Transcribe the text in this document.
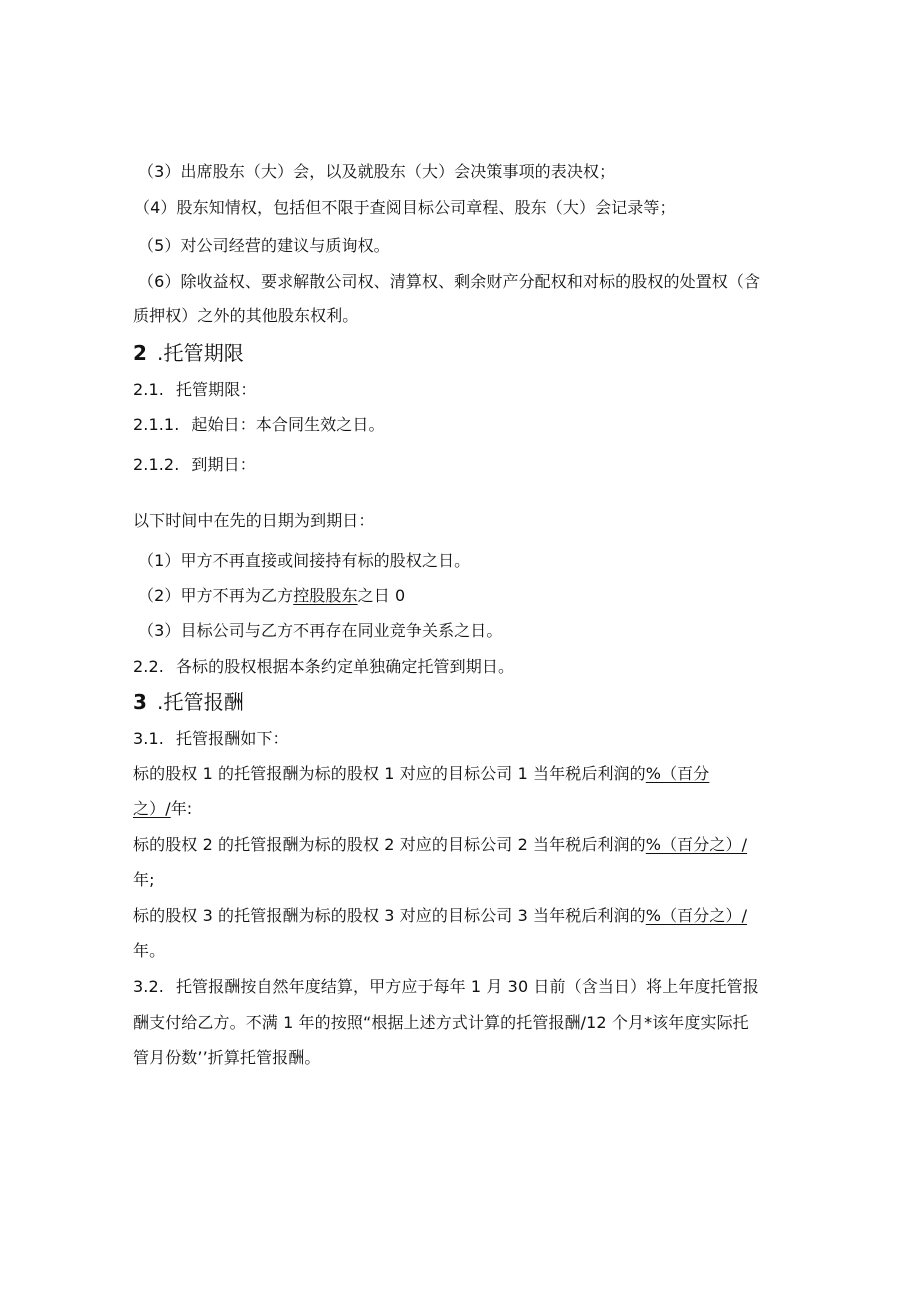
（3）出席股东（大）会，以及就股东（大）会决策事项的表决权；
（4）股东知情权，包括但不限于查阅目标公司章程、股东（大）会记录等；
（5）对公司经营的建议与质询权。
（6）除收益权、要求解散公司权、清算权、剩余财产分配权和对标的股权的处置权（含
质押权）之外的其他股东权利。
2 .托管期限
2.1. 托管期限：
2.1.1. 起始日：本合同生效之日。
2.1.2. 到期日：
以下时间中在先的日期为到期日：
（1）甲方不再直接或间接持有标的股权之日。
（2）甲方不再为乙方控股股东之日 0
（3）目标公司与乙方不再存在同业竞争关系之日。
2.2. 各标的股权根据本条约定单独确定托管到期日。
3 .托管报酬
3.1. 托管报酬如下：
标的股权 1 的托管报酬为标的股权 1 对应的目标公司 1 当年税后利润的%（百分
之）/年:
标的股权 2 的托管报酬为标的股权 2 对应的目标公司 2 当年税后利润的%（百分之）/
年;
标的股权 3 的托管报酬为标的股权 3 对应的目标公司 3 当年税后利润的%（百分之）/
年。
3.2. 托管报酬按自然年度结算，甲方应于每年 1 月 30 日前（含当日）将上年度托管报
酬支付给乙方。不满 1 年的按照“根据上述方式计算的托管报酬/12 个月*该年度实际托
管月份数’’折算托管报酬。
